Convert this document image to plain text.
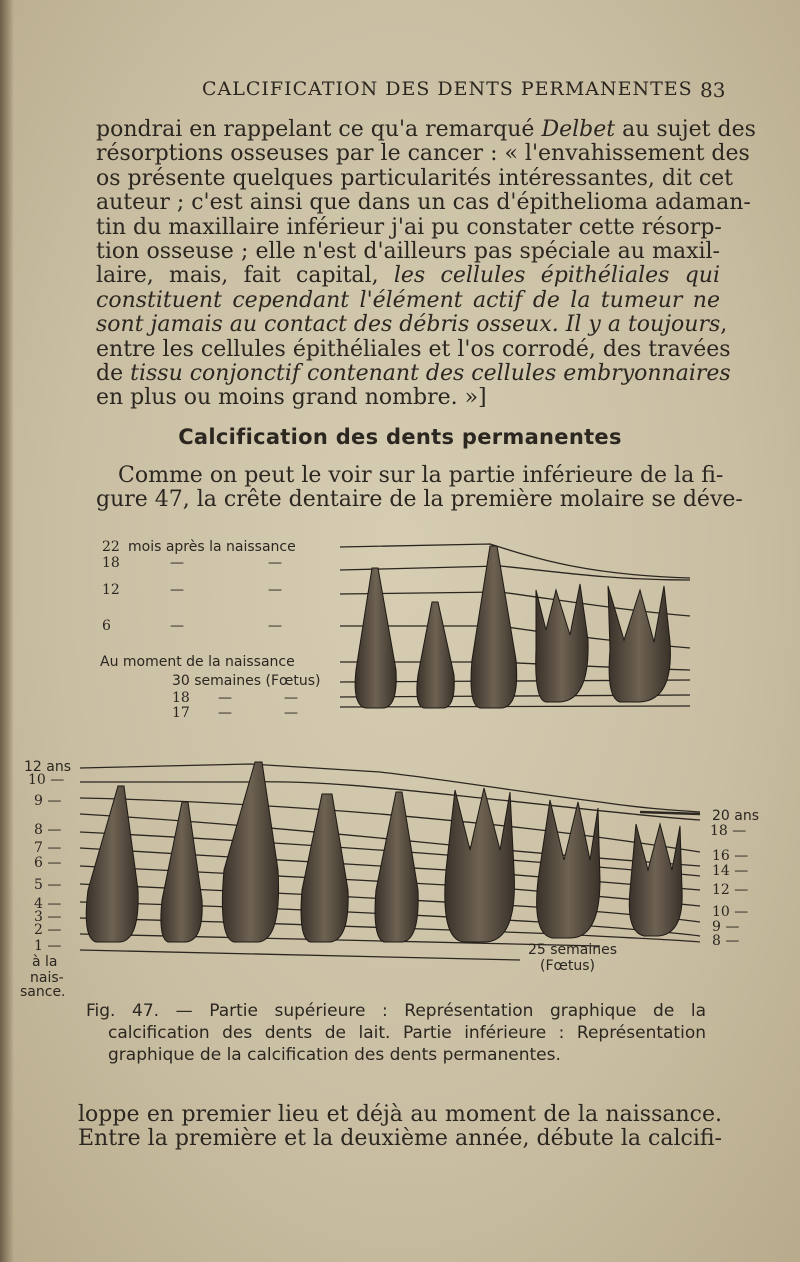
CALCIFICATION DES DENTS PERMANENTES 83

pondrai en rappelant ce qu'a remarqué Delbet au sujet des
résorptions osseuses par le cancer : « l'envahissement des
os présente quelques particularités intéressantes, dit cet
auteur ; c'est ainsi que dans un cas d'épithelioma adaman-
tin du maxillaire inférieur j'ai pu constater cette résorp-
tion osseuse ; elle n'est d'ailleurs pas spéciale au maxil-
laire, mais, fait capital, les cellules épithéliales qui
constituent cependant l'élément actif de la tumeur ne
sont jamais au contact des débris osseux. Il y a toujours,
entre les cellules épithéliales et l'os corrodé, des travées
de tissu conjonctif contenant des cellules embryonnaires
en plus ou moins grand nombre. »]

Calcification des dents permanentes

Comme on peut le voir sur la partie inférieure de la fi-
gure 47, la crête dentaire de la première molaire se déve-

22 mois après la naissance
18	—	—
12	—	—
6	—	—
Au moment de la naissance
30 semaines (Fœtus)
18 —	—
17 —	—
12 ans
10 —
9 —
8 —
7 —
6 —
5 —
4 —
3 —
2 —
1 —
à la
nais-
sance.
20 ans
18 —
16 —
14 —
12 —
10 —
9 —
8 —
25 semaines
(Fœtus)

Fig. 47. — Partie supérieure : Représentation graphique de la
calcification des dents de lait. Partie inférieure : Représentation
graphique de la calcification des dents permanentes.

loppe en premier lieu et déjà au moment de la naissance.
Entre la première et la deuxième année, débute la calcifi-
